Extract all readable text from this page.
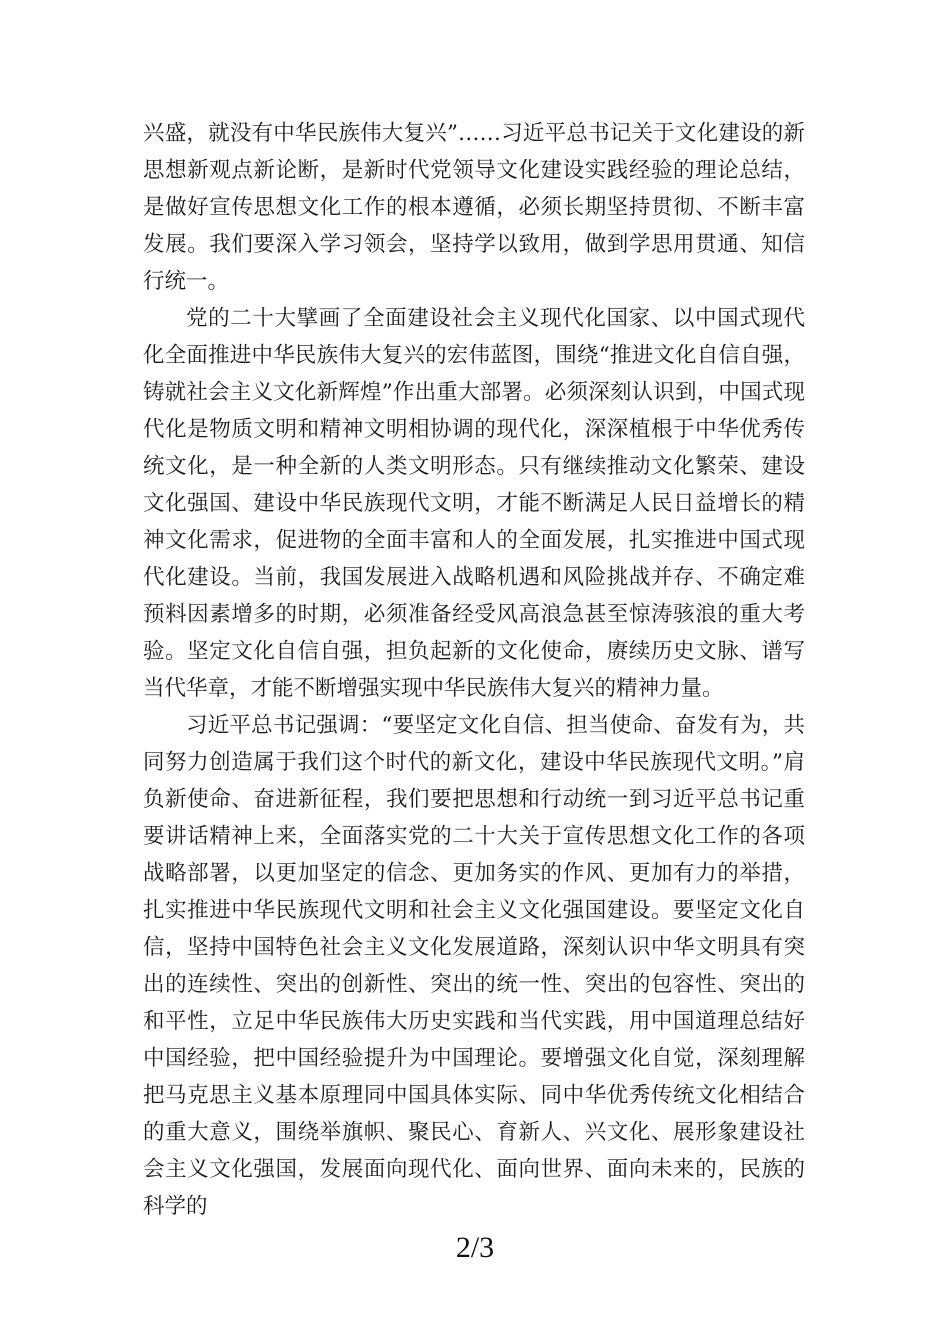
兴盛，就没有中华民族伟大复兴”……习近平总书记关于文化建设的新思想新观点新论断，是新时代党领导文化建设实践经验的理论总结，是做好宣传思想文化工作的根本遵循，必须长期坚持贯彻、不断丰富发展。我们要深入学习领会，坚持学以致用，做到学思用贯通、知信行统一。

党的二十大擘画了全面建设社会主义现代化国家、以中国式现代化全面推进中华民族伟大复兴的宏伟蓝图，围绕“推进文化自信自强，铸就社会主义文化新辉煌”作出重大部署。必须深刻认识到，中国式现代化是物质文明和精神文明相协调的现代化，深深植根于中华优秀传统文化，是一种全新的人类文明形态。只有继续推动文化繁荣、建设文化强国、建设中华民族现代文明，才能不断满足人民日益增长的精神文化需求，促进物的全面丰富和人的全面发展，扎实推进中国式现代化建设。当前，我国发展进入战略机遇和风险挑战并存、不确定难预料因素增多的时期，必须准备经受风高浪急甚至惊涛骇浪的重大考验。坚定文化自信自强，担负起新的文化使命，赓续历史文脉、谱写当代华章，才能不断增强实现中华民族伟大复兴的精神力量。

习近平总书记强调：“要坚定文化自信、担当使命、奋发有为，共同努力创造属于我们这个时代的新文化，建设中华民族现代文明。”肩负新使命、奋进新征程，我们要把思想和行动统一到习近平总书记重要讲话精神上来，全面落实党的二十大关于宣传思想文化工作的各项战略部署，以更加坚定的信念、更加务实的作风、更加有力的举措，扎实推进中华民族现代文明和社会主义文化强国建设。要坚定文化自信，坚持中国特色社会主义文化发展道路，深刻认识中华文明具有突出的连续性、突出的创新性、突出的统一性、突出的包容性、突出的和平性，立足中华民族伟大历史实践和当代实践，用中国道理总结好中国经验，把中国经验提升为中国理论。要增强文化自觉，深刻理解把马克思主义基本原理同中国具体实际、同中华优秀传统文化相结合的重大意义，围绕举旗帜、聚民心、育新人、兴文化、展形象建设社会主义文化强国，发展面向现代化、面向世界、面向未来的，民族的科学的

2/3
